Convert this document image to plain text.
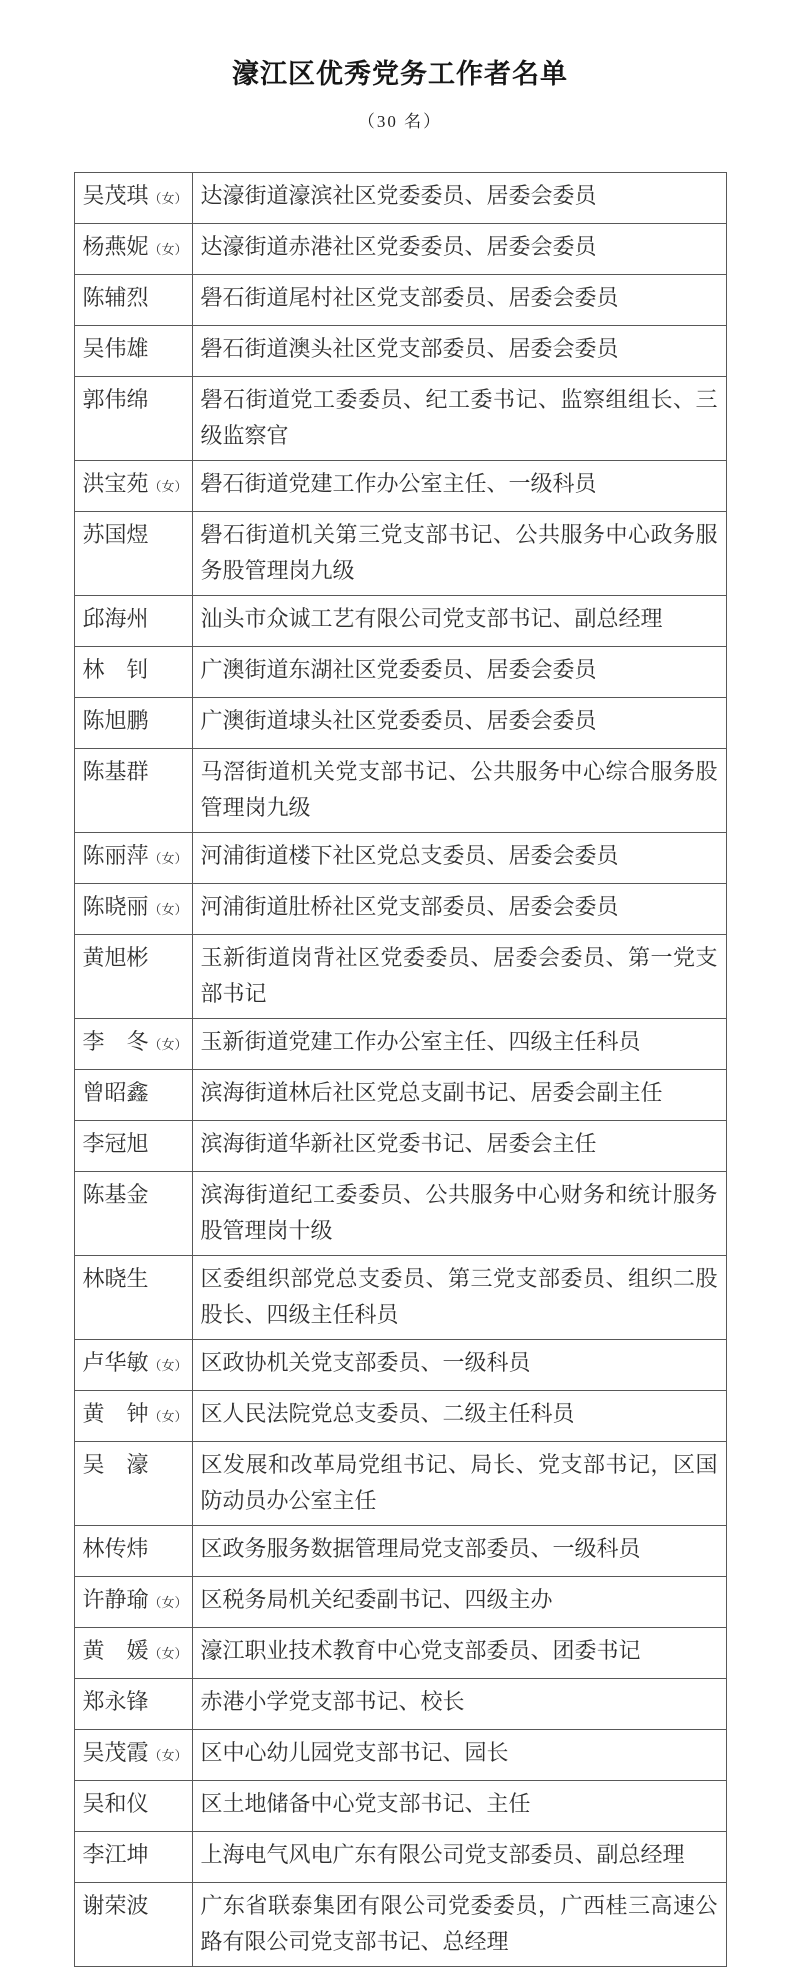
濠江区优秀党务工作者名单

（30 名）

吴茂琪（女）	达濠街道濠滨社区党委委员、居委会委员
杨燕妮（女）	达濠街道赤港社区党委委员、居委会委员
陈辅烈	礐石街道尾村社区党支部委员、居委会委员
吴伟雄	礐石街道澳头社区党支部委员、居委会委员
郭伟绵	礐石街道党工委委员、纪工委书记、监察组组长、三级监察官
洪宝苑（女）	礐石街道党建工作办公室主任、一级科员
苏国煜	礐石街道机关第三党支部书记、公共服务中心政务服务股管理岗九级
邱海州	汕头市众诚工艺有限公司党支部书记、副总经理
林　钊	广澳街道东湖社区党委委员、居委会委员
陈旭鹏	广澳街道埭头社区党委委员、居委会委员
陈基群	马滘街道机关党支部书记、公共服务中心综合服务股管理岗九级
陈丽萍（女）	河浦街道楼下社区党总支委员、居委会委员
陈晓丽（女）	河浦街道肚桥社区党支部委员、居委会委员
黄旭彬	玉新街道岗背社区党委委员、居委会委员、第一党支部书记
李　冬（女）	玉新街道党建工作办公室主任、四级主任科员
曾昭鑫	滨海街道林后社区党总支副书记、居委会副主任
李冠旭	滨海街道华新社区党委书记、居委会主任
陈基金	滨海街道纪工委委员、公共服务中心财务和统计服务股管理岗十级
林晓生	区委组织部党总支委员、第三党支部委员、组织二股股长、四级主任科员
卢华敏（女）	区政协机关党支部委员、一级科员
黄　钟（女）	区人民法院党总支委员、二级主任科员
吴　濠	区发展和改革局党组书记、局长、党支部书记，区国防动员办公室主任
林传炜	区政务服务数据管理局党支部委员、一级科员
许静瑜（女）	区税务局机关纪委副书记、四级主办
黄　媛（女）	濠江职业技术教育中心党支部委员、团委书记
郑永锋	赤港小学党支部书记、校长
吴茂霞（女）	区中心幼儿园党支部书记、园长
吴和仪	区土地储备中心党支部书记、主任
李江坤	上海电气风电广东有限公司党支部委员、副总经理
谢荣波	广东省联泰集团有限公司党委委员，广西桂三高速公路有限公司党支部书记、总经理
